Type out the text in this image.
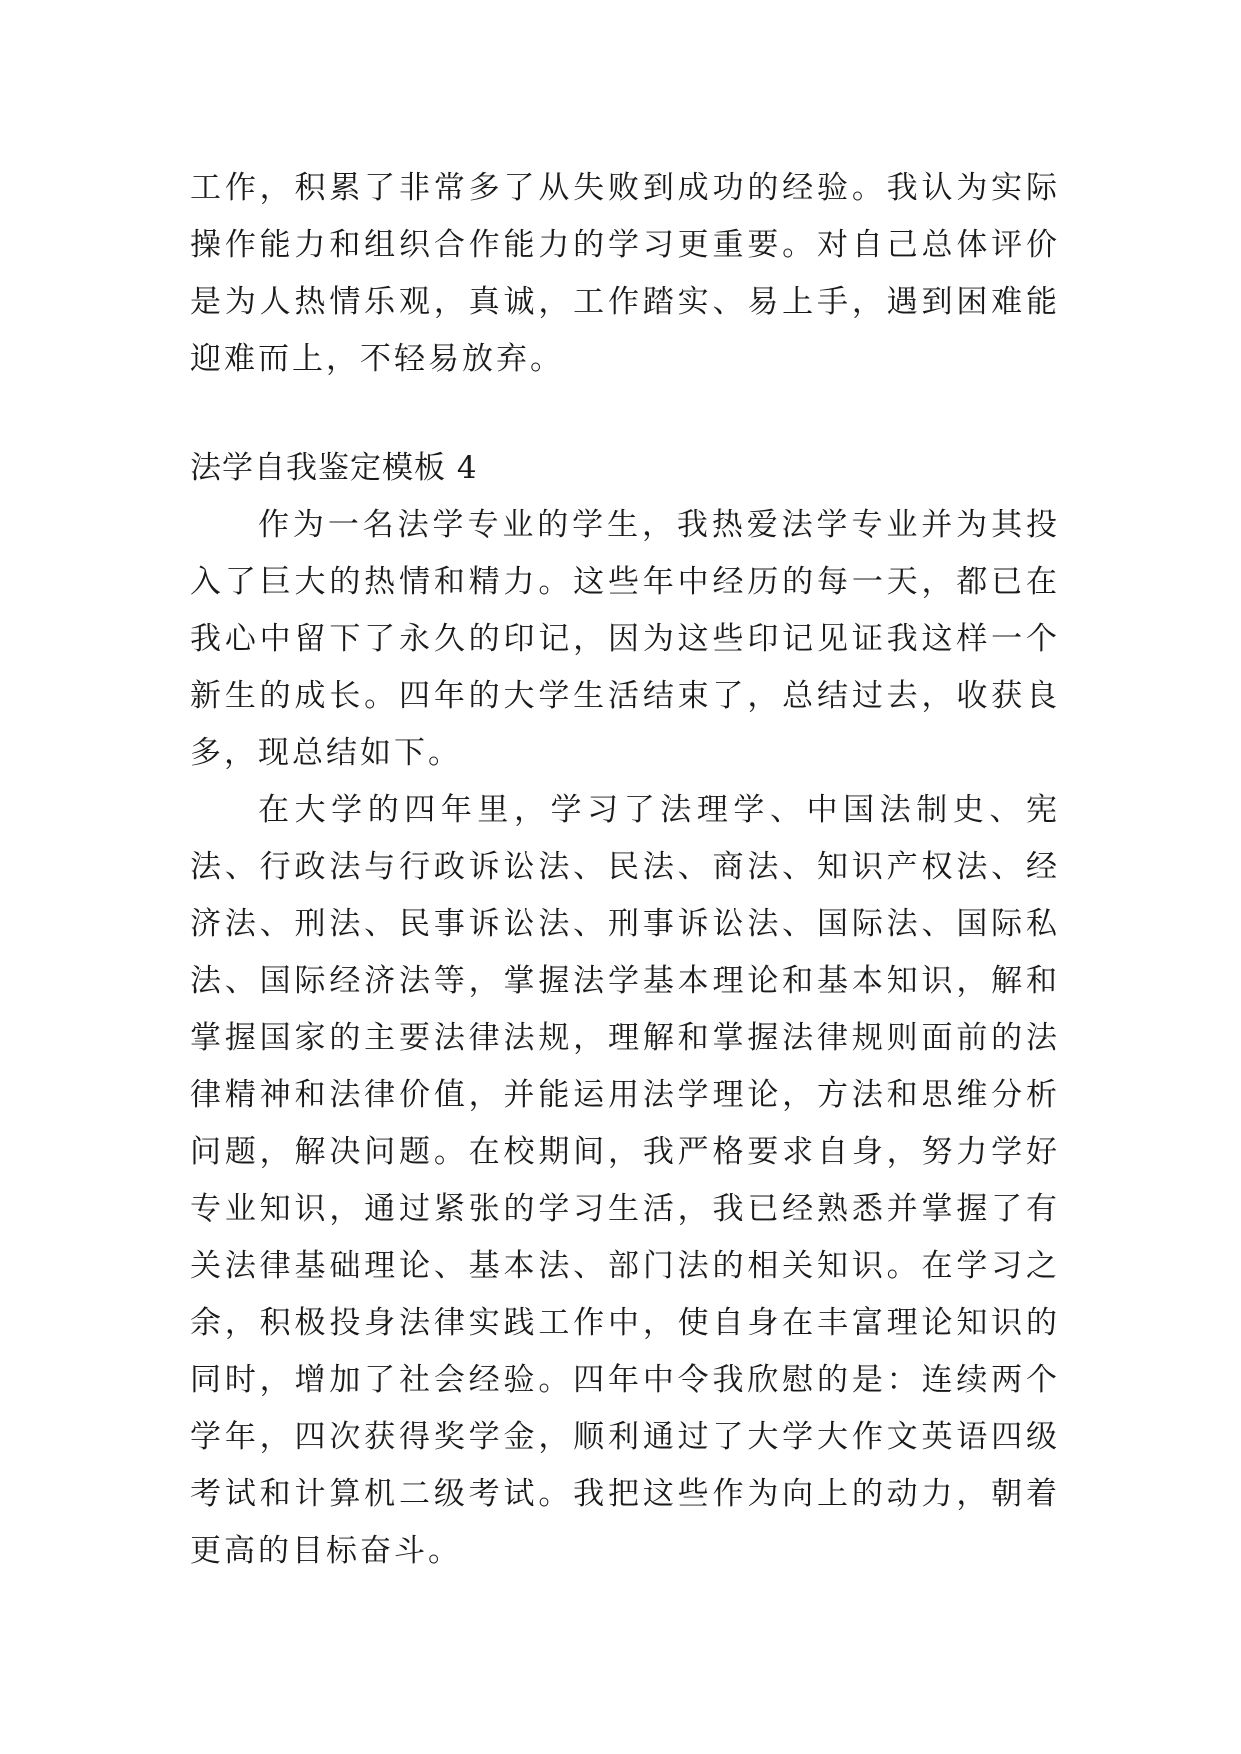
工作，积累了非常多了从失败到成功的经验。我认为实际操作能力和组织合作能力的学习更重要。对自己总体评价是为人热情乐观，真诚，工作踏实、易上手，遇到困难能迎难而上，不轻易放弃。

法学自我鉴定模板 4

作为一名法学专业的学生，我热爱法学专业并为其投入了巨大的热情和精力。这些年中经历的每一天，都已在我心中留下了永久的印记，因为这些印记见证我这样一个新生的成长。四年的大学生活结束了，总结过去，收获良多，现总结如下。

在大学的四年里，学习了法理学、中国法制史、宪法、行政法与行政诉讼法、民法、商法、知识产权法、经济法、刑法、民事诉讼法、刑事诉讼法、国际法、国际私法、国际经济法等，掌握法学基本理论和基本知识，解和掌握国家的主要法律法规，理解和掌握法律规则面前的法律精神和法律价值，并能运用法学理论，方法和思维分析问题，解决问题。在校期间，我严格要求自身，努力学好专业知识，通过紧张的学习生活，我已经熟悉并掌握了有关法律基础理论、基本法、部门法的相关知识。在学习之余，积极投身法律实践工作中，使自身在丰富理论知识的同时，增加了社会经验。四年中令我欣慰的是：连续两个学年，四次获得奖学金，顺利通过了大学大作文英语四级考试和计算机二级考试。我把这些作为向上的动力，朝着更高的目标奋斗。
